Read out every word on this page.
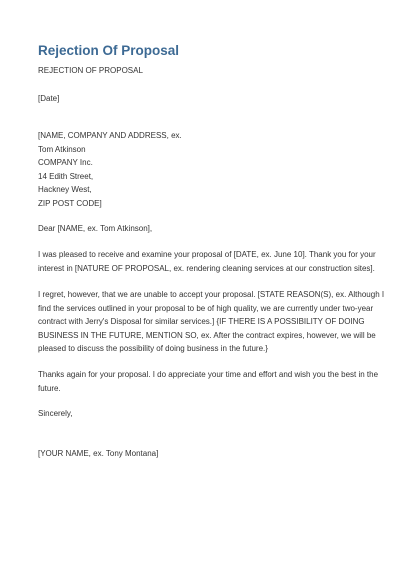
Rejection Of Proposal
REJECTION OF PROPOSAL
[Date]
[NAME, COMPANY AND ADDRESS, ex.
Tom Atkinson
COMPANY Inc.
14 Edith Street,
Hackney West,
ZIP POST CODE]
Dear [NAME, ex. Tom Atkinson],
I was pleased to receive and examine your proposal of [DATE, ex. June 10]. Thank you for your
interest in [NATURE OF PROPOSAL, ex. rendering cleaning services at our construction sites].
I regret, however, that we are unable to accept your proposal. [STATE REASON(S), ex. Although I
find the services outlined in your proposal to be of high quality, we are currently under two-year
contract with Jerry's Disposal for similar services.] {IF THERE IS A POSSIBILITY OF DOING
BUSINESS IN THE FUTURE, MENTION SO, ex. After the contract expires, however, we will be
pleased to discuss the possibility of doing business in the future.}
Thanks again for your proposal. I do appreciate your time and effort and wish you the best in the
future.
Sincerely,
[YOUR NAME, ex. Tony Montana]
